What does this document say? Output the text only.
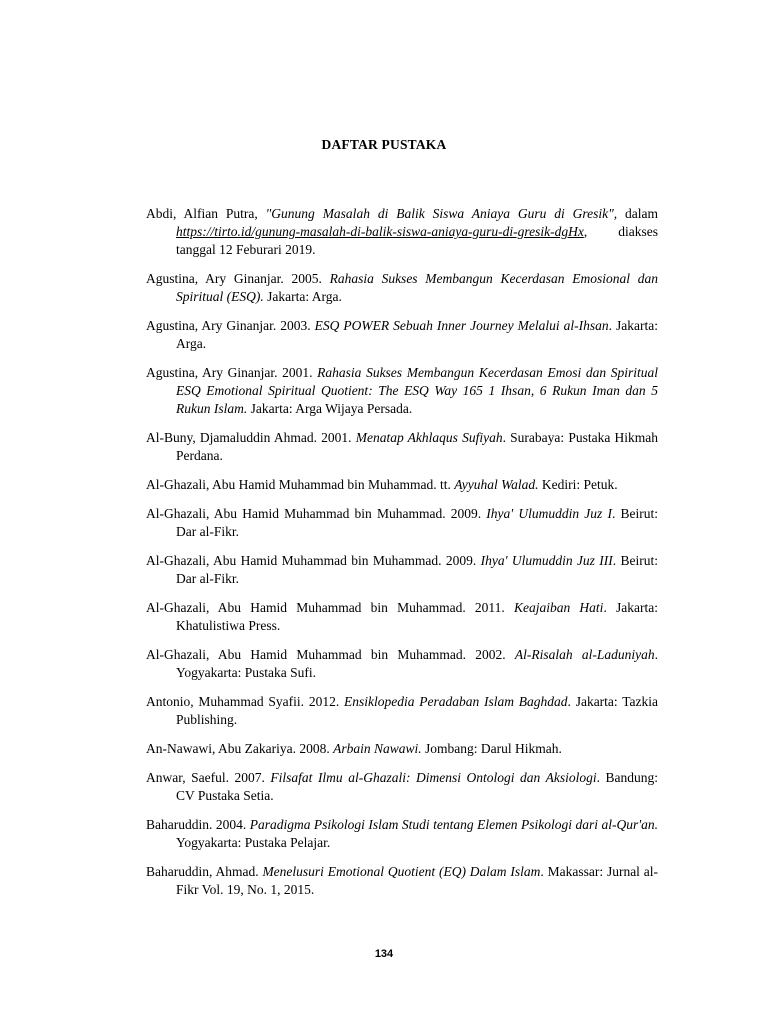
DAFTAR PUSTAKA

Abdi, Alfian Putra, "Gunung Masalah di Balik Siswa Aniaya Guru di Gresik", dalam https://tirto.id/gunung-masalah-di-balik-siswa-aniaya-guru-di-gresik-dgHx, diakses tanggal 12 Feburari 2019.

Agustina, Ary Ginanjar. 2005. Rahasia Sukses Membangun Kecerdasan Emosional dan Spiritual (ESQ). Jakarta: Arga.

Agustina, Ary Ginanjar. 2003. ESQ POWER Sebuah Inner Journey Melalui al-Ihsan. Jakarta: Arga.

Agustina, Ary Ginanjar. 2001. Rahasia Sukses Membangun Kecerdasan Emosi dan Spiritual ESQ Emotional Spiritual Quotient: The ESQ Way 165 1 Ihsan, 6 Rukun Iman dan 5 Rukun Islam. Jakarta: Arga Wijaya Persada.

Al-Buny, Djamaluddin Ahmad. 2001. Menatap Akhlaqus Sufiyah. Surabaya: Pustaka Hikmah Perdana.

Al-Ghazali, Abu Hamid Muhammad bin Muhammad. tt. Ayyuhal Walad. Kediri: Petuk.

Al-Ghazali, Abu Hamid Muhammad bin Muhammad. 2009. Ihya' Ulumuddin Juz I. Beirut: Dar al-Fikr.

Al-Ghazali, Abu Hamid Muhammad bin Muhammad. 2009. Ihya' Ulumuddin Juz III. Beirut: Dar al-Fikr.

Al-Ghazali, Abu Hamid Muhammad bin Muhammad. 2011. Keajaiban Hati. Jakarta: Khatulistiwa Press.

Al-Ghazali, Abu Hamid Muhammad bin Muhammad. 2002. Al-Risalah al-Laduniyah. Yogyakarta: Pustaka Sufi.

Antonio, Muhammad Syafii. 2012. Ensiklopedia Peradaban Islam Baghdad. Jakarta: Tazkia Publishing.

An-Nawawi, Abu Zakariya. 2008. Arbain Nawawi. Jombang: Darul Hikmah.

Anwar, Saeful. 2007. Filsafat Ilmu al-Ghazali: Dimensi Ontologi dan Aksiologi. Bandung: CV Pustaka Setia.

Baharuddin. 2004. Paradigma Psikologi Islam Studi tentang Elemen Psikologi dari al-Qur'an. Yogyakarta: Pustaka Pelajar.

Baharuddin, Ahmad. Menelusuri Emotional Quotient (EQ) Dalam Islam. Makassar: Jurnal al-Fikr Vol. 19, No. 1, 2015.

134
